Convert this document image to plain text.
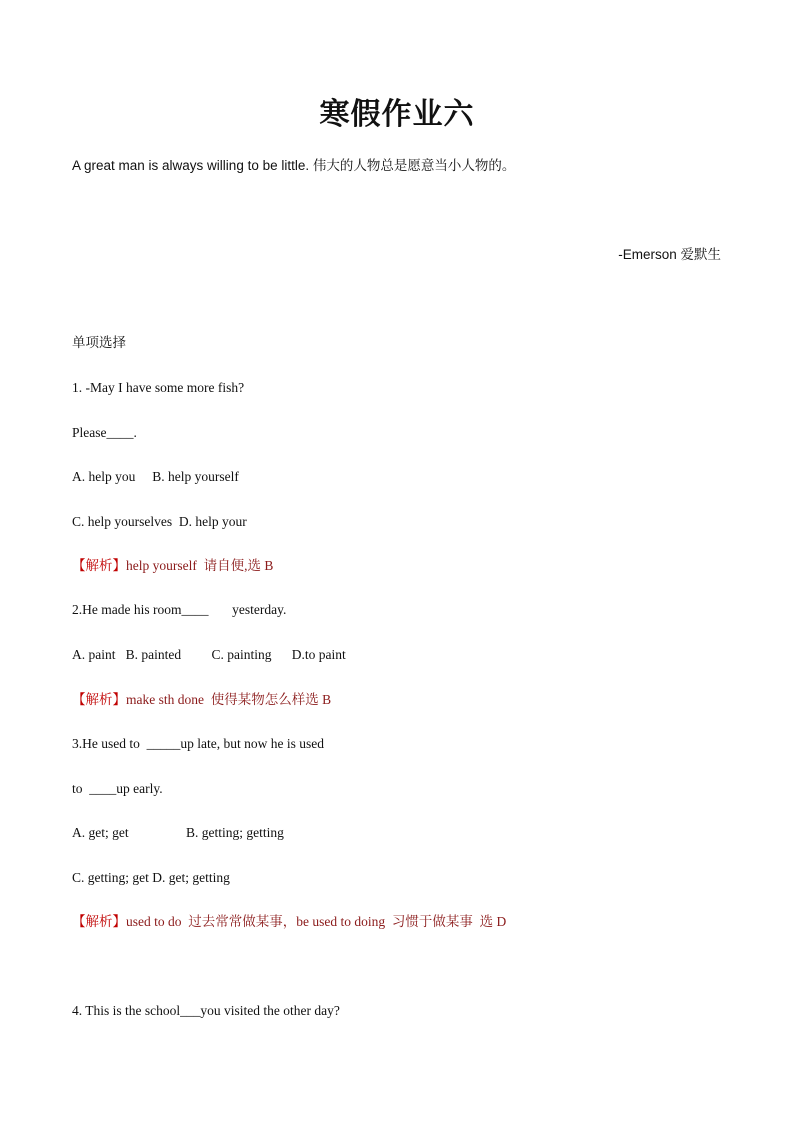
寒假作业六
A great man is always willing to be little. 伟大的人物总是愿意当小人物的。
-Emerson 爱默生
单项选择
1. -May I have some more fish?
Please____.
A. help you     B. help yourself
C. help yourselves  D. help your
【解析】help yourself  请自便,选 B
2.He made his room____       yesterday.
A. paint   B. painted         C. painting      D.to paint
【解析】make sth done  使得某物怎么样选 B
3.He used to  _____up late, but now he is used
to  ____up early.
A. get; get                 B. getting; getting
C. getting; get D. get; getting
【解析】used to do  过去常常做某事，be used to doing  习惯于做某事  选 D
4. This is the school___you visited the other day?
